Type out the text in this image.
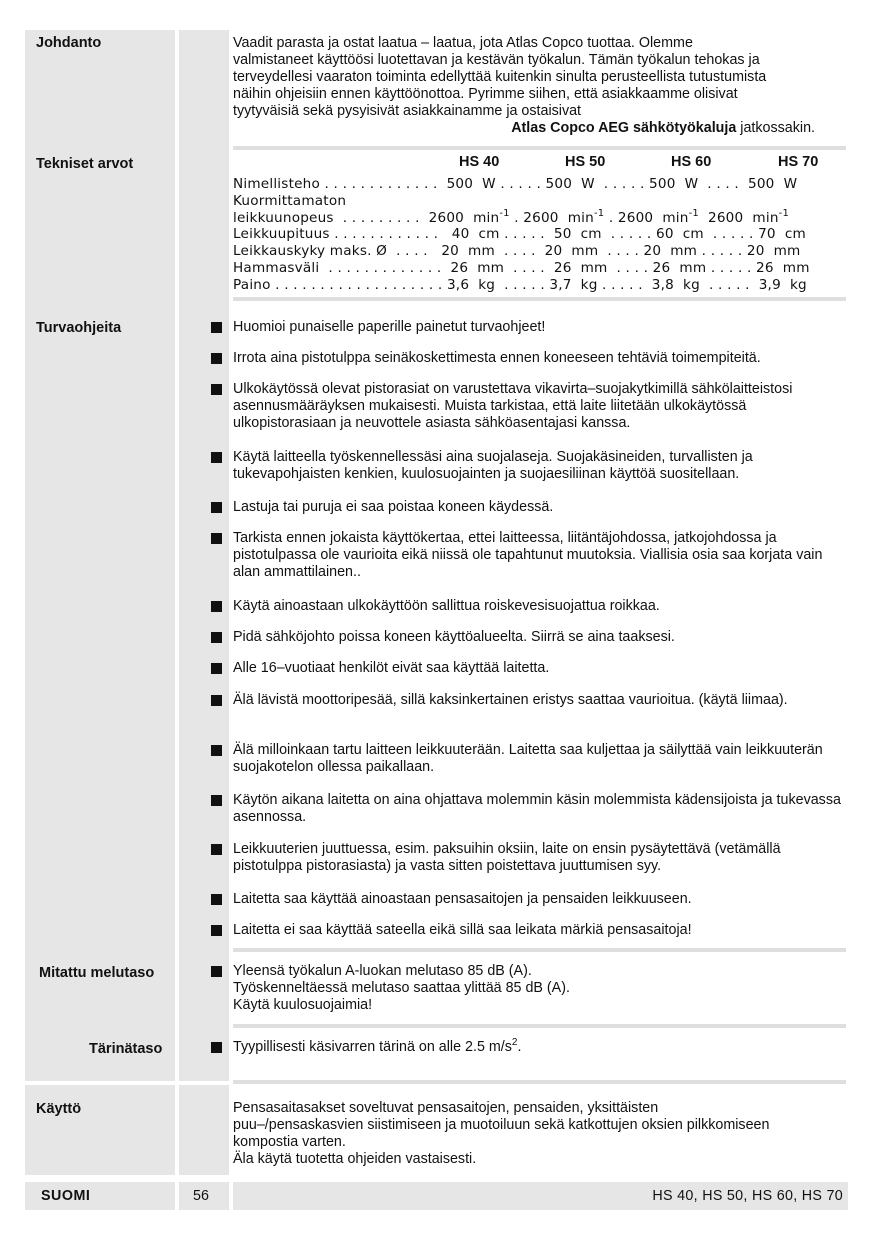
Johdanto	Vaadit parasta ja ostat laatua – laatua, jota Atlas Copco tuottaa. Olemme
valmistaneet käyttöösi luotettavan ja kestävän työkalun. Tämän työkalun tehokas ja
terveydellesi vaaraton toiminta edellyttää kuitenkin sinulta perusteellista tutustumista
näihin ohjeisiin ennen käyttöönottoa. Pyrimme siihen, että asiakkaamme olisivat
tyytyväisiä sekä pysyisivät asiakkainamme ja ostaisivat
Atlas Copco AEG sähkötyökaluja jatkossakin.
Tekniset arvot	HS 40	HS 50	HS 60	HS 70
Nimellisteho . . . . . . . . . . . . .  500  W . . . . . 500  W  . . . . . 500  W  . . . .  500  W
Kuormittamaton
leikkuunopeus  . . . . . . . . .  2600  $\min^{-1}$ . 2600  $\min^{-1}$ . 2600  $\min^{-1} 2600$  $\min^{-1}$
Leikkuupituus . . . . . . . . . . . .   40  cm . . . . .  50  cm  . . . . . 60  cm  . . . . . 70  cm
Leikkauskyky maks. Ø  . . . .   20  mm  . . . .  20  mm  . . . . 20  mm . . . . . 20  mm
Hammasväli  . . . . . . . . . . . . .  26  mm  . . . .  26  mm  . . . . 26  mm . . . . . 26  mm
Paino . . . . . . . . . . . . . . . . . . . 3,6  kg  . . . . . 3,7  kg . . . . .  3,8  kg  . . . . .  3,9  kg
Turvaohjeita	Huomioi punaiselle paperille painetut turvaohjeet!
Irrota aina pistotulppa seinäkoskettimesta ennen koneeseen tehtäviä toimempiteitä.
Ulkokäytössä olevat pistorasiat on varustettava vikavirta–suojakytkimillä sähkölaitteistosi asennusmääräyksen mukaisesti. Muista tarkistaa, että laite liitetään ulkokäytössä ulkopistorasiaan ja neuvottele asiasta sähköasentajasi kanssa.
Käytä laitteella työskennellessäsi aina suojalaseja. Suojakäsineiden, turvallisten ja tukevapohjaisten kenkien, kuulosuojainten ja suojaesiliinan käyttöä suositellaan.
Lastuja tai puruja ei saa poistaa koneen käydessä.
Tarkista ennen jokaista käyttökertaa, ettei laitteessa, liitäntäjohdossa, jatkojohdossa ja pistotulpassa ole vaurioita eikä niissä ole tapahtunut muutoksia. Viallisia osia saa korjata vain alan ammattilainen..
Käytä ainoastaan ulkokäyttöön sallittua roiskevesisuojattua roikkaa.
Pidä sähköjohto poissa koneen käyttöalueelta. Siirrä se aina taaksesi.
Alle 16–vuotiaat henkilöt eivät saa käyttää laitetta.
Älä lävistä moottoripesää, sillä kaksinkertainen eristys saattaa vaurioitua. (käytä liimaa).
Älä milloinkaan tartu laitteen leikkuuterään. Laitetta saa kuljettaa ja säilyttää vain leikkuuterän suojakotelon ollessa paikallaan.
Käytön aikana laitetta on aina ohjattava molemmin käsin molemmista kädensijoista ja tukevassa asennossa.
Leikkuuterien juuttuessa, esim. paksuihin oksiin, laite on ensin pysäytettävä (vetämällä pistotulppa pistorasiasta) ja vasta sitten poistettava juuttumisen syy.
Laitetta saa käyttää ainoastaan pensasaitojen ja pensaiden leikkuuseen.
Laitetta ei saa käyttää sateella eikä sillä saa leikata märkiä pensasaitoja!
Mitattu melutaso	Yleensä työkalun A-luokan melutaso 85 dB (A).
Työskenneltäessä melutaso saattaa ylittää 85 dB (A).
Käytä kuulosuojaimia!
Tärinätaso	Tyypillisesti käsivarren tärinä on alle 2.5 $m/s^2$.
Käyttö	Pensasaitasakset soveltuvat pensasaitojen, pensaiden, yksittäisten
puu–/pensaskasvien siistimiseen ja muotoiluun sekä katkottujen oksien pilkkomiseen
kompostia varten.
Äla käytä tuotetta ohjeiden vastaisesti.
SUOMI	56	HS 40, HS 50, HS 60, HS 70
